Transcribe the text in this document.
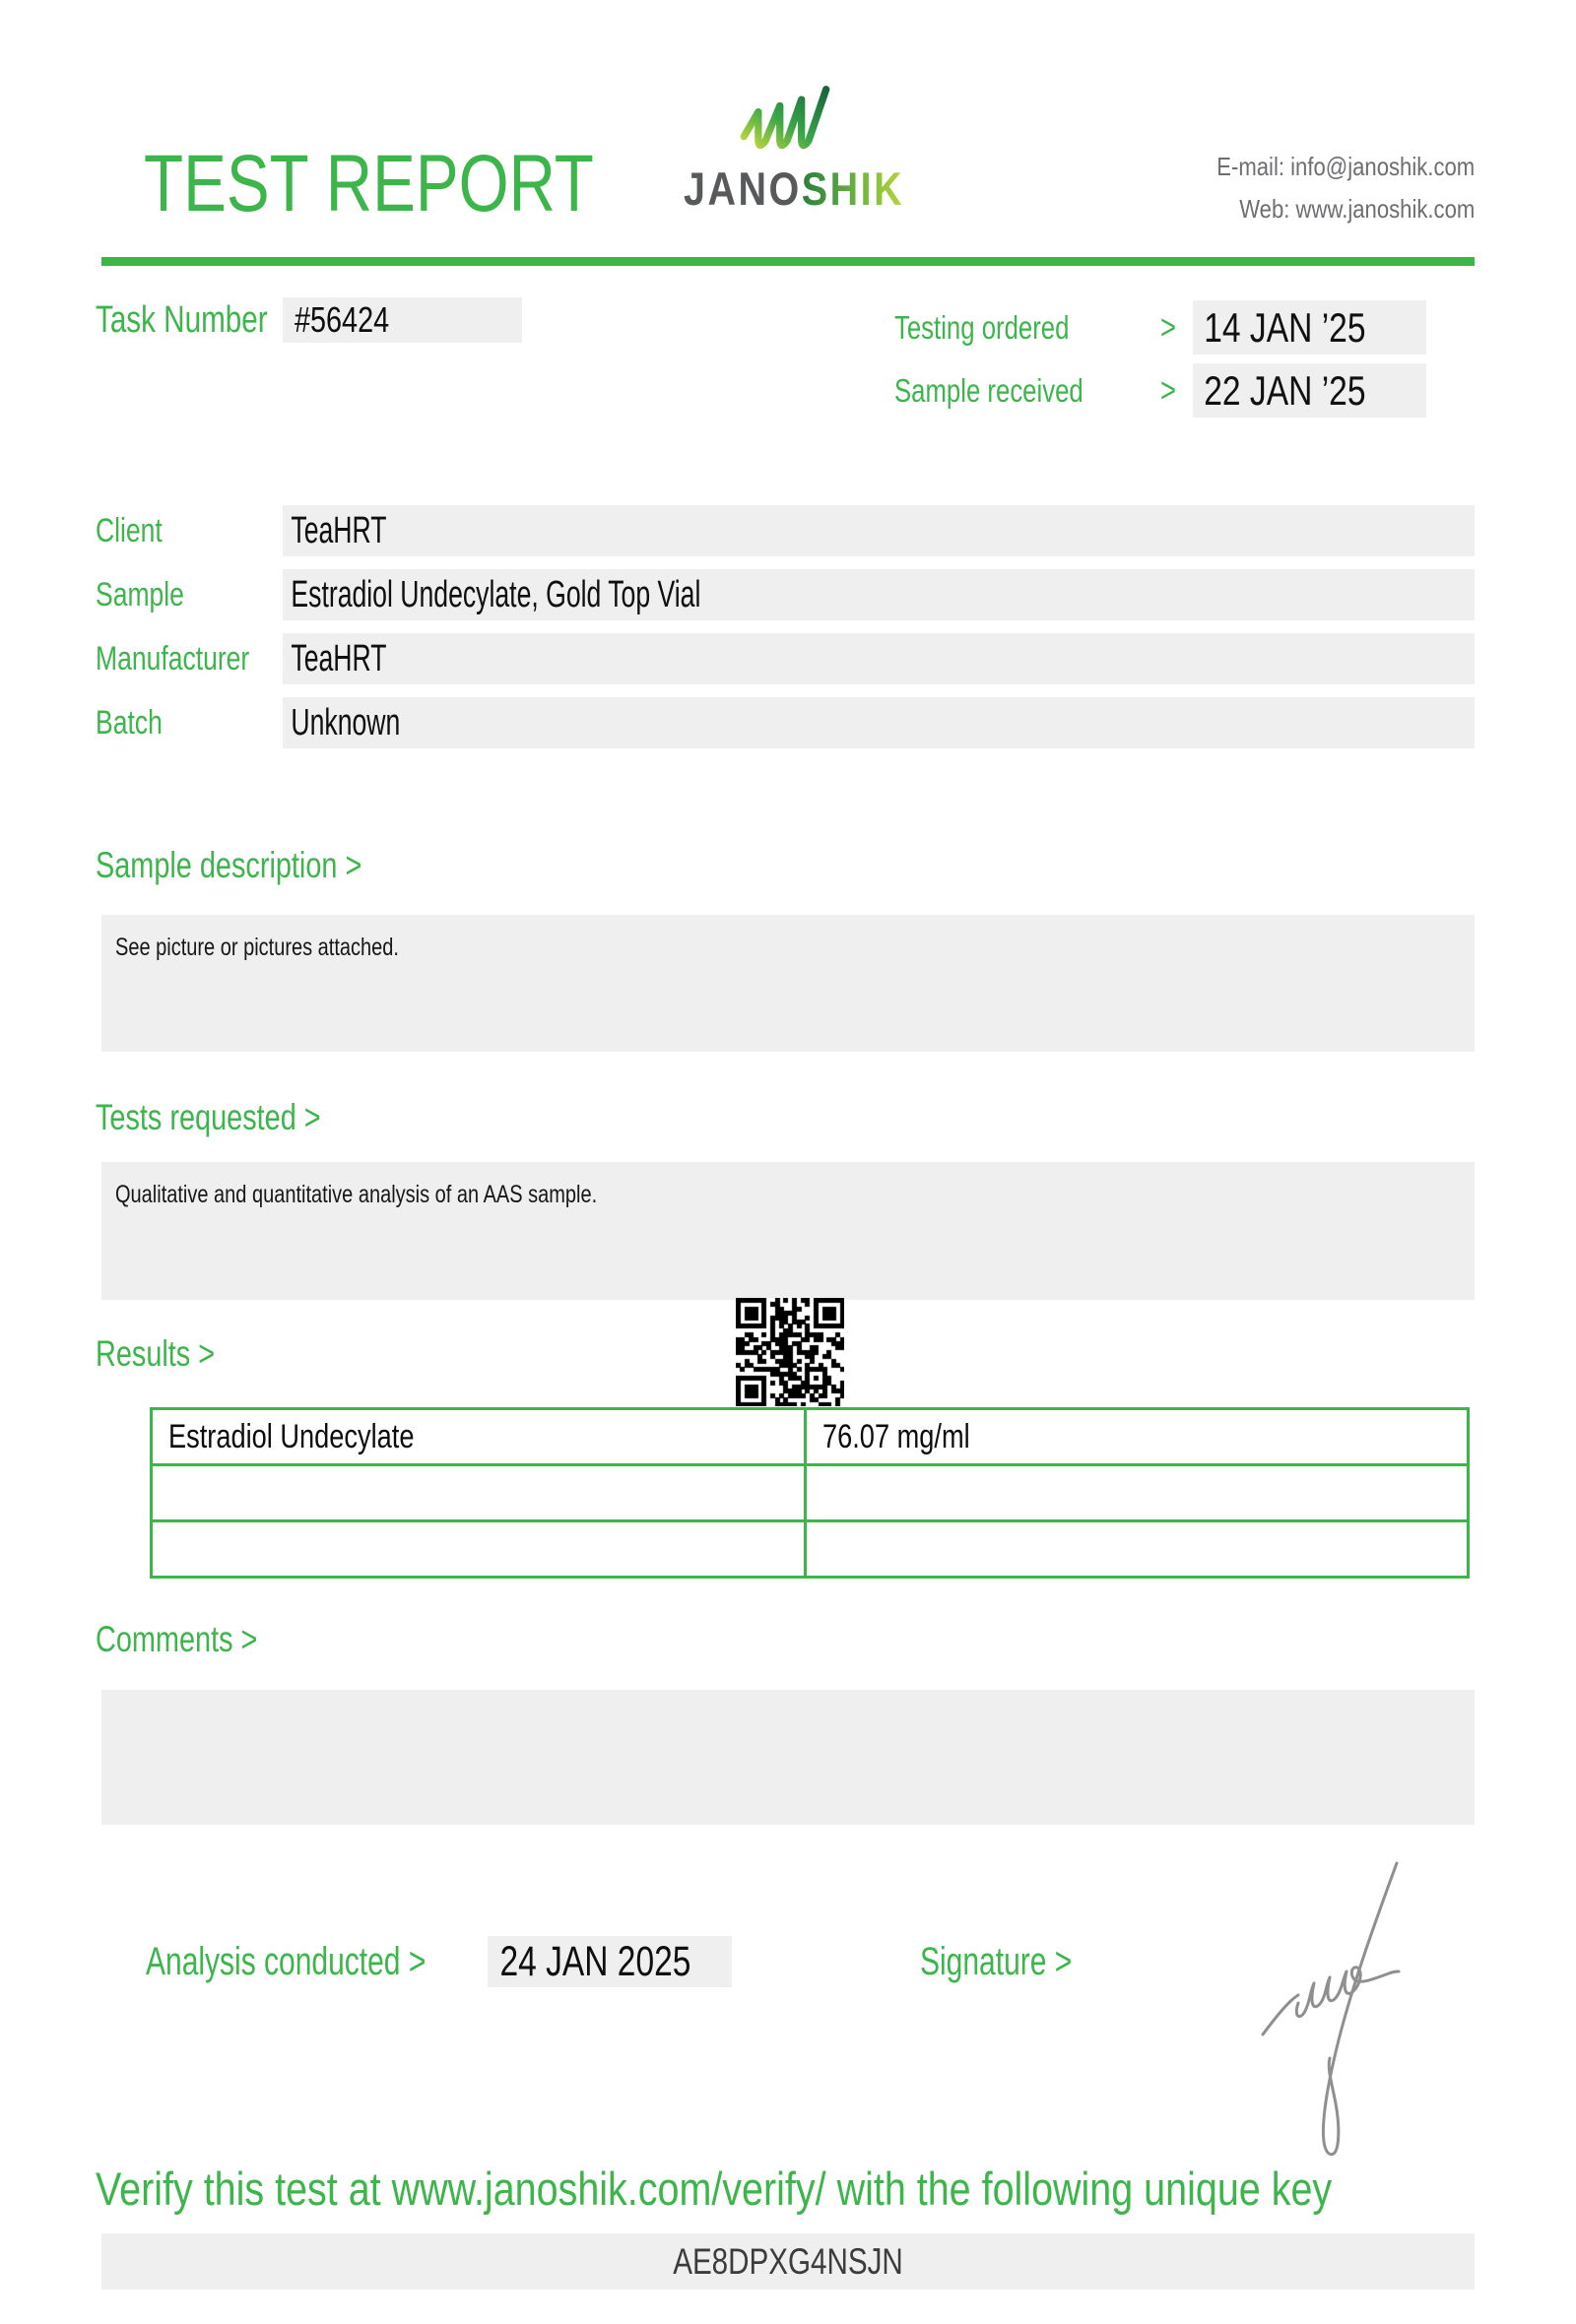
TEST REPORT	JANOSHIK	E-mail: info@janoshik.com
Web: www.janoshik.com
Task Number #56424	Testing ordered	> 14 JAN ’25
Sample received	> 22 JAN ’25
Client	TeaHRT
Sample	Estradiol Undecylate, Gold Top Vial
Manufacturer	TeaHRT
Batch	Unknown
Sample description >
See picture or pictures attached.
Tests requested >
Qualitative and quantitative analysis of an AAS sample.
Results >
Estradiol Undecylate	76.07 mg/ml

Comments >
Analysis conducted >	24 JAN 2025	Signature >
Verify this test at www.janoshik.com/verify/ with the following unique key
AE8DPXG4NSJN
